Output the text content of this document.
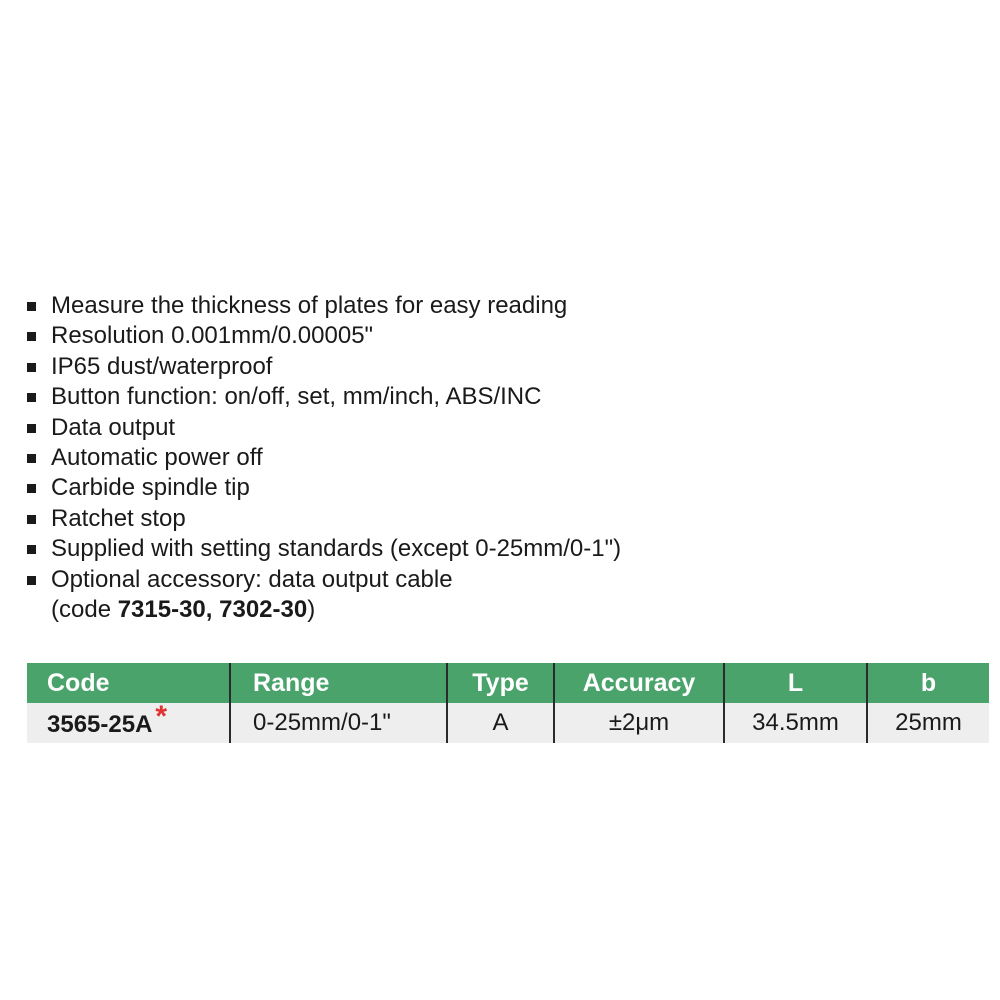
Measure the thickness of plates for easy reading
Resolution 0.001mm/0.00005"
IP65 dust/waterproof
Button function: on/off, set, mm/inch, ABS/INC
Data output
Automatic power off
Carbide spindle tip
Ratchet stop
Supplied with setting standards (except 0-25mm/0-1")
Optional accessory: data output cable
(code 7315-30, 7302-30)
Code	Range	Type	Accuracy	L	b
3565-25A *	0-25mm/0-1"	A	±2μm	34.5mm	25mm
